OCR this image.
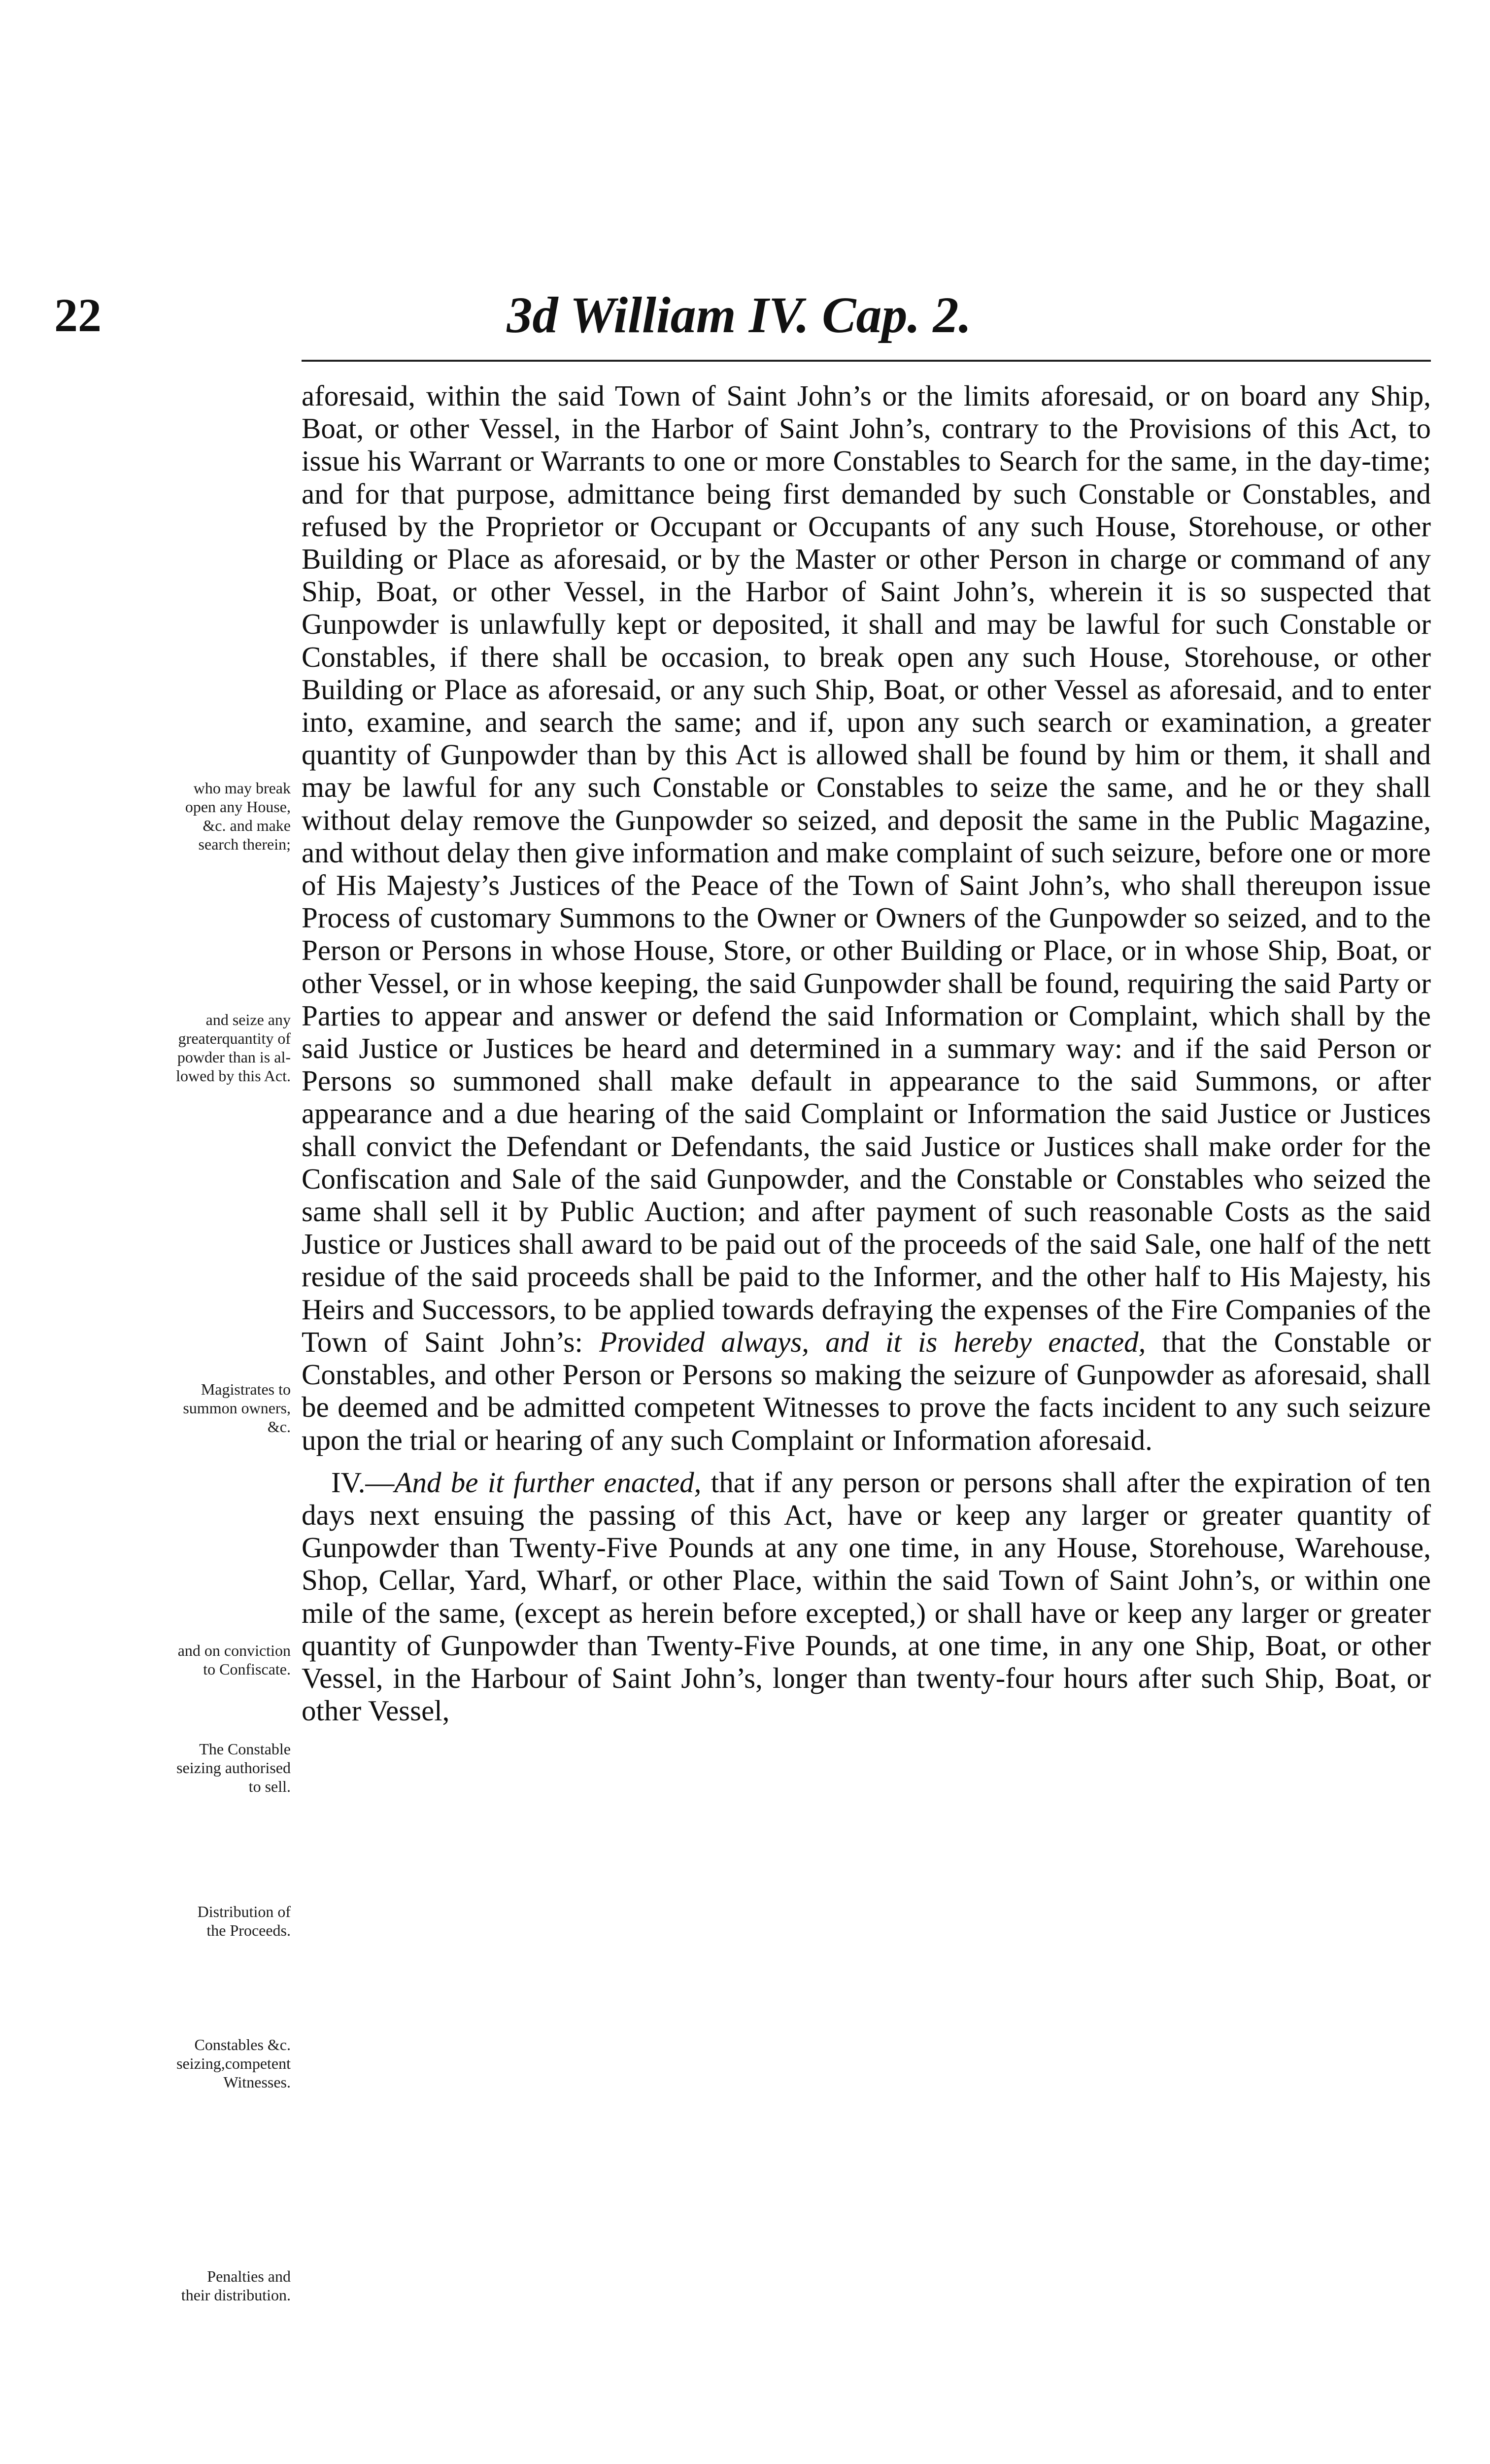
22	3d William IV. Cap. 2.
who may break
open any House,
&c. and make
search therein;
and seize any
greaterquantity of
powder than is al-
lowed by this Act.
Magistrates to
summon owners,
&c.
and on conviction
to Confiscate.
The Constable
seizing authorised
to sell.
Distribution of
the Proceeds.
Constables &c.
seizing,competent
Witnesses.
Penalties and
their distribution.

aforesaid, within the said Town of Saint John’s or the limits aforesaid, or on board any Ship, Boat, or other Vessel, in the Harbor of Saint John’s, contrary to the Provisions of this Act, to issue his Warrant or Warrants to one or more Constables to Search for the same, in the day-time; and for that purpose, admittance being first demanded by such Constable or Constables, and refused by the Proprietor or Occupant or Occupants of any such House, Storehouse, or other Building or Place as aforesaid, or by the Master or other Person in charge or command of any Ship, Boat, or other Vessel, in the Harbor of Saint John’s, wherein it is so suspected that Gunpowder is unlawfully kept or deposited, it shall and may be lawful for such Constable or Constables, if there shall be occasion, to break open any such House, Storehouse, or other Building or Place as aforesaid, or any such Ship, Boat, or other Vessel as aforesaid, and to enter into, examine, and search the same; and if, upon any such search or examination, a greater quantity of Gunpowder than by this Act is allowed shall be found by him or them, it shall and may be lawful for any such Constable or Constables to seize the same, and he or they shall without delay remove the Gunpowder so seized, and deposit the same in the Public Magazine, and without delay then give information and make complaint of such seizure, before one or more of His Majesty’s Justices of the Peace of the Town of Saint John’s, who shall thereupon issue Process of customary Summons to the Owner or Owners of the Gunpowder so seized, and to the Person or Persons in whose House, Store, or other Building or Place, or in whose Ship, Boat, or other Vessel, or in whose keeping, the said Gunpowder shall be found, requiring the said Party or Parties to appear and answer or defend the said Information or Complaint, which shall by the said Justice or Justices be heard and determined in a summary way: and if the said Person or Persons so summoned shall make default in appearance to the said Summons, or after appearance and a due hearing of the said Complaint or Information the said Justice or Justices shall convict the Defendant or Defendants, the said Justice or Justices shall make order for the Confiscation and Sale of the said Gunpowder, and the Constable or Constables who seized the same shall sell it by Public Auction; and after payment of such reasonable Costs as the said Justice or Justices shall award to be paid out of the proceeds of the said Sale, one half of the nett residue of the said proceeds shall be paid to the Informer, and the other half to His Majesty, his Heirs and Successors, to be applied towards defraying the expenses of the Fire Companies of the Town of Saint John’s: Provided always, and it is hereby enacted, that the Constable or Constables, and other Person or Persons so making the seizure of Gunpowder as aforesaid, shall be deemed and be admitted competent Witnesses to prove the facts incident to any such seizure upon the trial or hearing of any such Complaint or Information aforesaid.

IV.—And be it further enacted, that if any person or persons shall after the expiration of ten days next ensuing the passing of this Act, have or keep any larger or greater quantity of Gunpowder than Twenty-Five Pounds at any one time, in any House, Storehouse, Warehouse, Shop, Cellar, Yard, Wharf, or other Place, within the said Town of Saint John’s, or within one mile of the same, (except as herein before excepted,) or shall have or keep any larger or greater quantity of Gunpowder than Twenty-Five Pounds, at one time, in any one Ship, Boat, or other Vessel, in the Harbour of Saint John’s, longer than twenty-four hours after such Ship, Boat, or other Vessel,
